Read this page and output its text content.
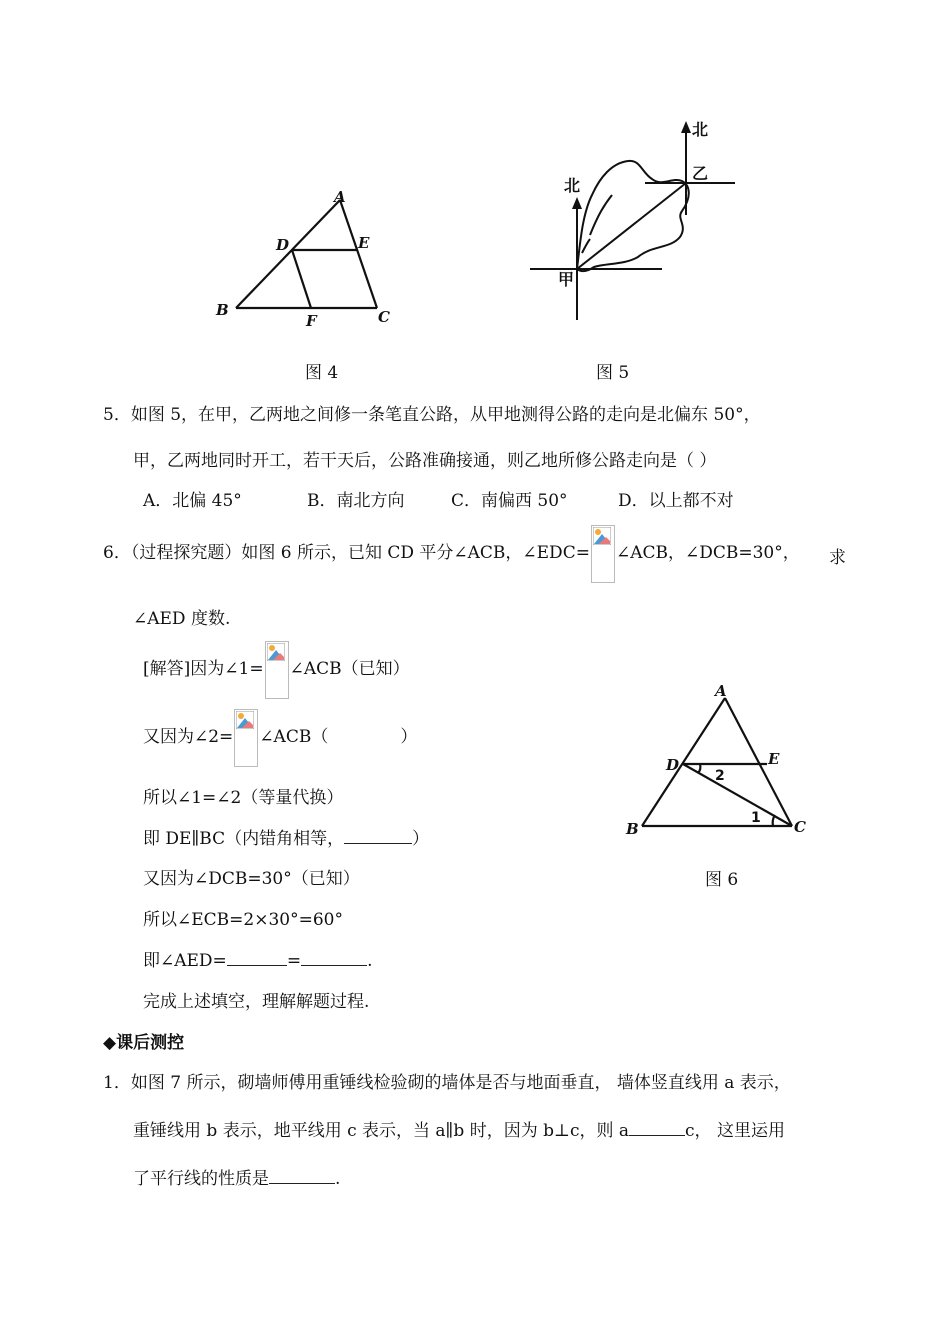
A
D	E
B
F	C
图 4
北
北
甲
乙
图 5
5．如图 5，在甲，乙两地之间修一条笔直公路，从甲地测得公路的走向是北偏东 50°，
甲，乙两地同时开工，若干天后，公路准确接通，则乙地所修公路走向是（ ）
A．北偏 45°	B．南北方向	C．南偏西 50°	D．以上都不对
6．（过程探究题）如图 6 所示，已知 CD 平分∠ACB，∠EDC= ∠ACB，∠DCB=30°， 求
∠AED 度数.
[解答]因为∠1= ∠ACB（已知）
又因为∠2= ∠ACB（	）
所以∠1=∠2（等量代换）
即 DE∥BC（内错角相等，	）
又因为∠DCB=30°（已知）
所以∠ECB=2×30°=60°
即∠AED=	=	.
完成上述填空，理解解题过程.
A
D	E
B	C
2
1
图 6
◆课后测控
1．如图 7 所示，砌墙师傅用重锤线检验砌的墙体是否与地面垂直， 墙体竖直线用 a 表示，
重锤线用 b 表示，地平线用 c 表示，当 a∥b 时，因为 b⊥c，则 a	c， 这里运用
了平行线的性质是	.
